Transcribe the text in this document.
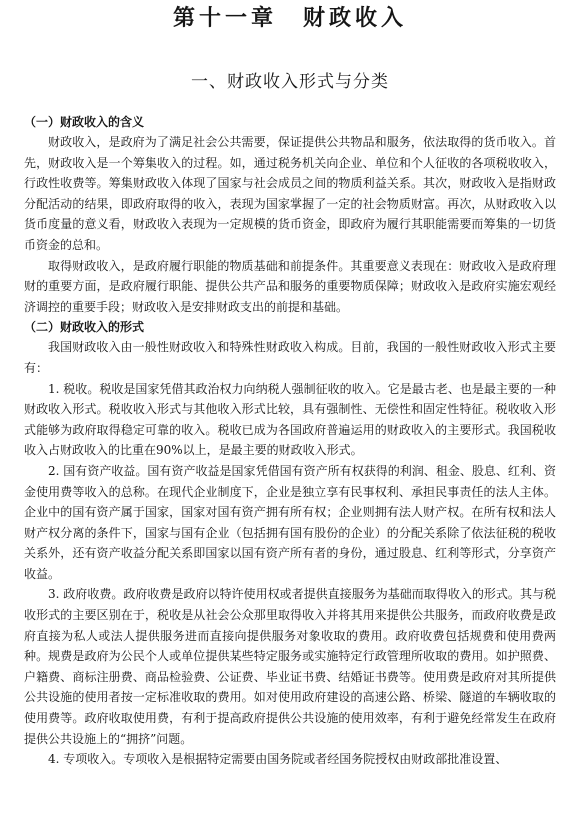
第十一章　财政收入
一、财政收入形式与分类
（一）财政收入的含义

财政收入，是政府为了满足社会公共需要，保证提供公共物品和服务，依法取得的货币收入。首先，财政收入是一个筹集收入的过程。如，通过税务机关向企业、单位和个人征收的各项税收收入，行政性收费等。筹集财政收入体现了国家与社会成员之间的物质利益关系。其次，财政收入是指财政分配活动的结果，即政府取得的收入，表现为国家掌握了一定的社会物质财富。再次，从财政收入以货币度量的意义看，财政收入表现为一定规模的货币资金，即政府为履行其职能需要而筹集的一切货币资金的总和。

取得财政收入，是政府履行职能的物质基础和前提条件。其重要意义表现在：财政收入是政府理财的重要方面，是政府履行职能、提供公共产品和服务的重要物质保障；财政收入是政府实施宏观经济调控的重要手段；财政收入是安排财政支出的前提和基础。

（二）财政收入的形式

我国财政收入由一般性财政收入和特殊性财政收入构成。目前，我国的一般性财政收入形式主要有：

1. 税收。税收是国家凭借其政治权力向纳税人强制征收的收入。它是最古老、也是最主要的一种财政收入形式。税收收入形式与其他收入形式比较，具有强制性、无偿性和固定性特征。税收收入形式能够为政府取得稳定可靠的收入。税收已成为各国政府普遍运用的财政收入的主要形式。我国税收收入占财政收入的比重在90%以上，是最主要的财政收入形式。

2. 国有资产收益。国有资产收益是国家凭借国有资产所有权获得的利润、租金、股息、红利、资金使用费等收入的总称。在现代企业制度下，企业是独立享有民事权利、承担民事责任的法人主体。企业中的国有资产属于国家，国家对国有资产拥有所有权；企业则拥有法人财产权。在所有权和法人财产权分离的条件下，国家与国有企业（包括拥有国有股份的企业）的分配关系除了依法征税的税收关系外，还有资产收益分配关系即国家以国有资产所有者的身份，通过股息、红利等形式，分享资产收益。

3. 政府收费。政府收费是政府以特许使用权或者提供直接服务为基础而取得收入的形式。其与税收形式的主要区别在于，税收是从社会公众那里取得收入并将其用来提供公共服务，而政府收费是政府直接为私人或法人提供服务进而直接向提供服务对象收取的费用。政府收费包括规费和使用费两种。规费是政府为公民个人或单位提供某些特定服务或实施特定行政管理所收取的费用。如护照费、户籍费、商标注册费、商品检验费、公证费、毕业证书费、结婚证书费等。使用费是政府对其所提供公共设施的使用者按一定标准收取的费用。如对使用政府建设的高速公路、桥梁、隧道的车辆收取的使用费等。政府收取使用费，有利于提高政府提供公共设施的使用效率，有利于避免经常发生在政府提供公共设施上的“拥挤”问题。

4. 专项收入。专项收入是根据特定需要由国务院或者经国务院授权由财政部批准设置、
